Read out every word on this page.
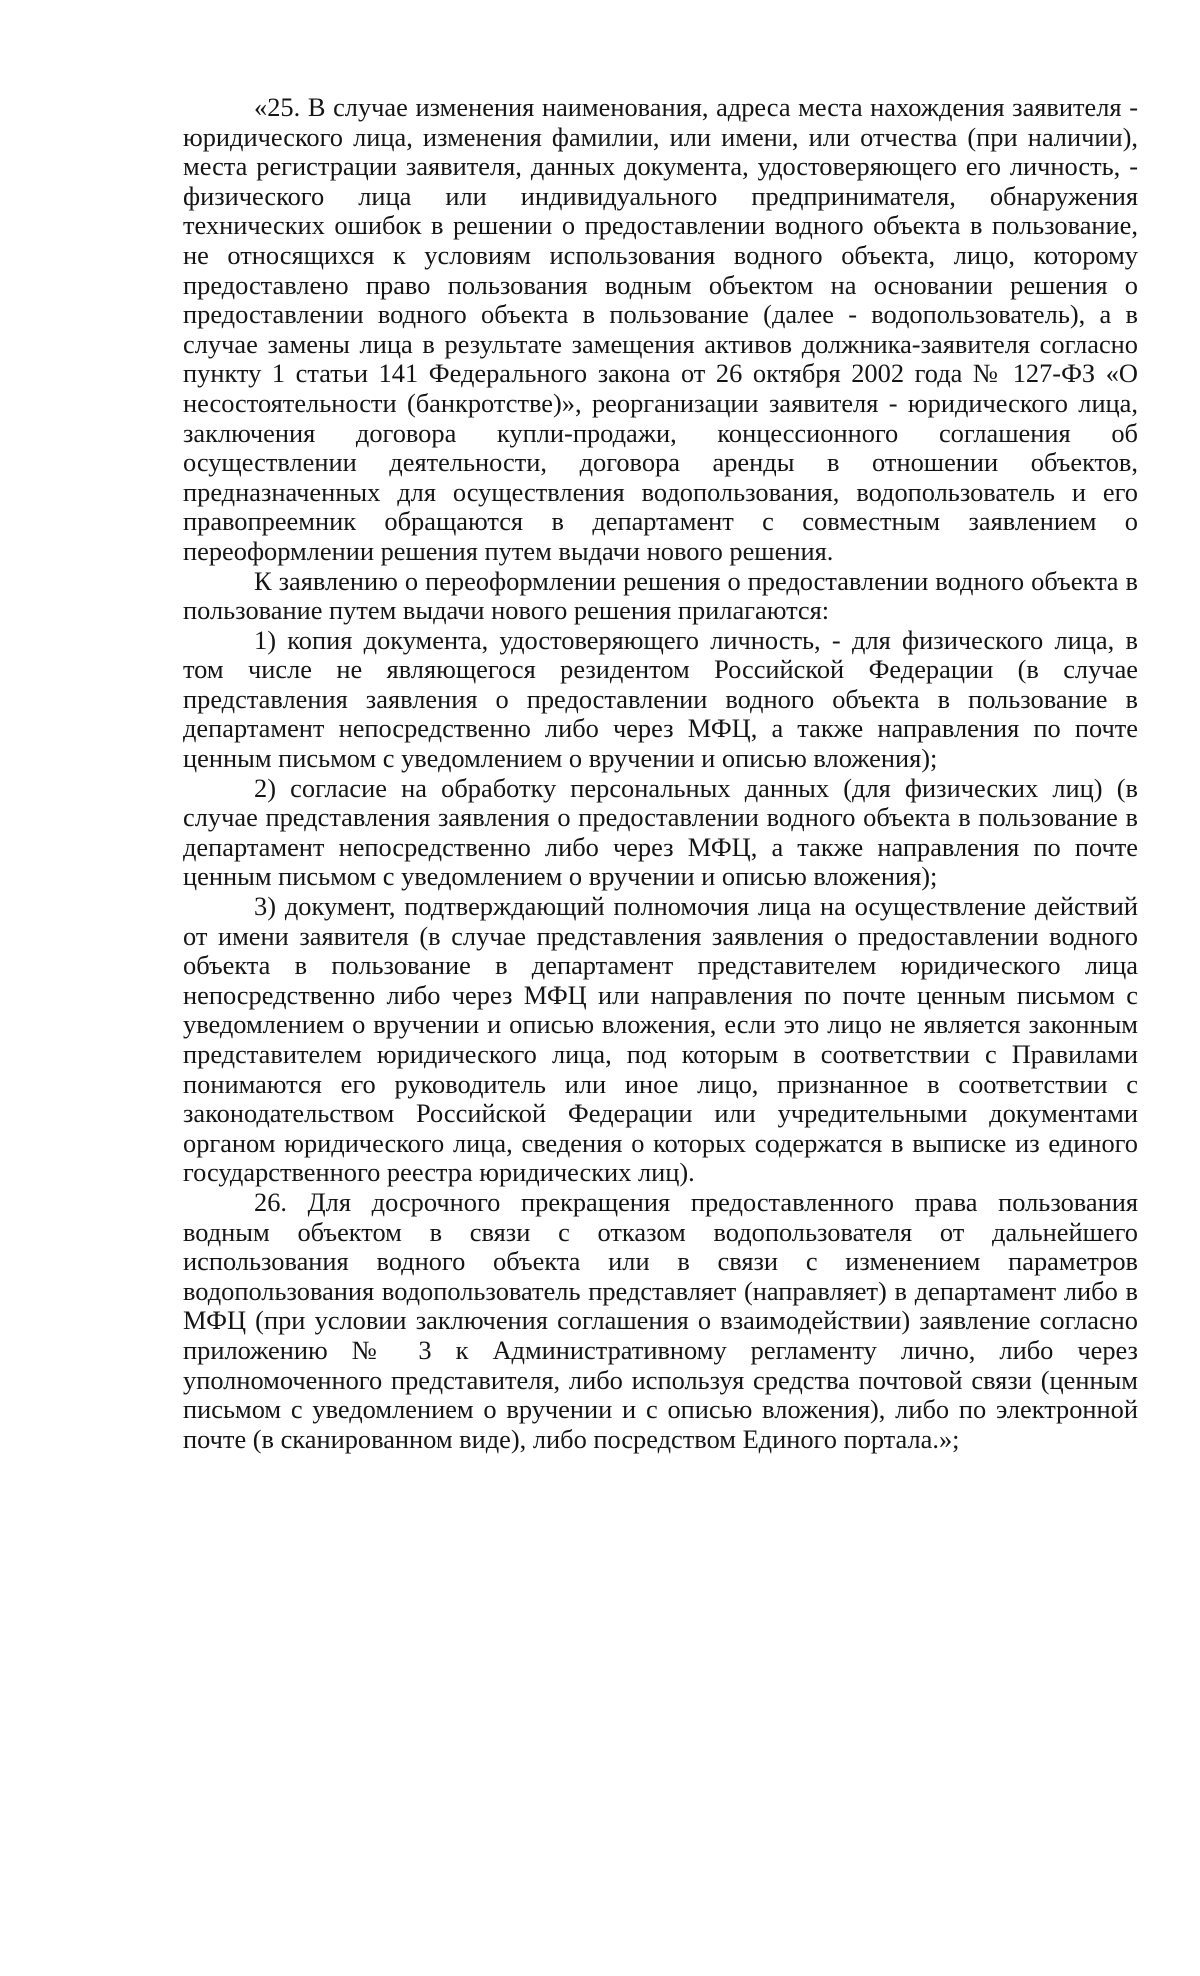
«25. В случае изменения наименования, адреса места нахождения заявителя - юридического лица, изменения фамилии, или имени, или отчества (при наличии), места регистрации заявителя, данных документа, удостоверяющего его личность, - физического лица или индивидуального предпринимателя, обнаружения технических ошибок в решении о предоставлении водного объекта в пользование, не относящихся к условиям использования водного объекта, лицо, которому предоставлено право пользования водным объектом на основании решения о предоставлении водного объекта в пользование (далее - водопользователь), а в случае замены лица в результате замещения активов должника-заявителя согласно пункту 1 статьи 141 Федерального закона от 26 октября 2002 года № 127-ФЗ «О несостоятельности (банкротстве)», реорганизации заявителя - юридического лица, заключения договора купли-продажи, концессионного соглашения об осуществлении деятельности, договора аренды в отношении объектов, предназначенных для осуществления водопользования, водопользователь и его правопреемник обращаются в департамент с совместным заявлением о переоформлении решения путем выдачи нового решения.

К заявлению о переоформлении решения о предоставлении водного объекта в пользование путем выдачи нового решения прилагаются:

1) копия документа, удостоверяющего личность, - для физического лица, в том числе не являющегося резидентом Российской Федерации (в случае представления заявления о предоставлении водного объекта в пользование в департамент непосредственно либо через МФЦ, а также направления по почте ценным письмом с уведомлением о вручении и описью вложения);

2) согласие на обработку персональных данных (для физических лиц) (в случае представления заявления о предоставлении водного объекта в пользование в департамент непосредственно либо через МФЦ, а также направления по почте ценным письмом с уведомлением о вручении и описью вложения);

3) документ, подтверждающий полномочия лица на осуществление действий от имени заявителя (в случае представления заявления о предоставлении водного объекта в пользование в департамент представителем юридического лица непосредственно либо через МФЦ или направления по почте ценным письмом с уведомлением о вручении и описью вложения, если это лицо не является законным представителем юридического лица, под которым в соответствии с Правилами понимаются его руководитель или иное лицо, признанное в соответствии с законодательством Российской Федерации или учредительными документами органом юридического лица, сведения о которых содержатся в выписке из единого государственного реестра юридических лиц).

26. Для досрочного прекращения предоставленного права пользования водным объектом в связи с отказом водопользователя от дальнейшего использования водного объекта или в связи с изменением параметров водопользования водопользователь представляет (направляет) в департамент либо в МФЦ (при условии заключения соглашения о взаимодействии) заявление согласно приложению № 3 к Административному регламенту лично, либо через уполномоченного представителя, либо используя средства почтовой связи (ценным письмом с уведомлением о вручении и с описью вложения), либо по электронной почте (в сканированном виде), либо посредством Единого портала.»;
